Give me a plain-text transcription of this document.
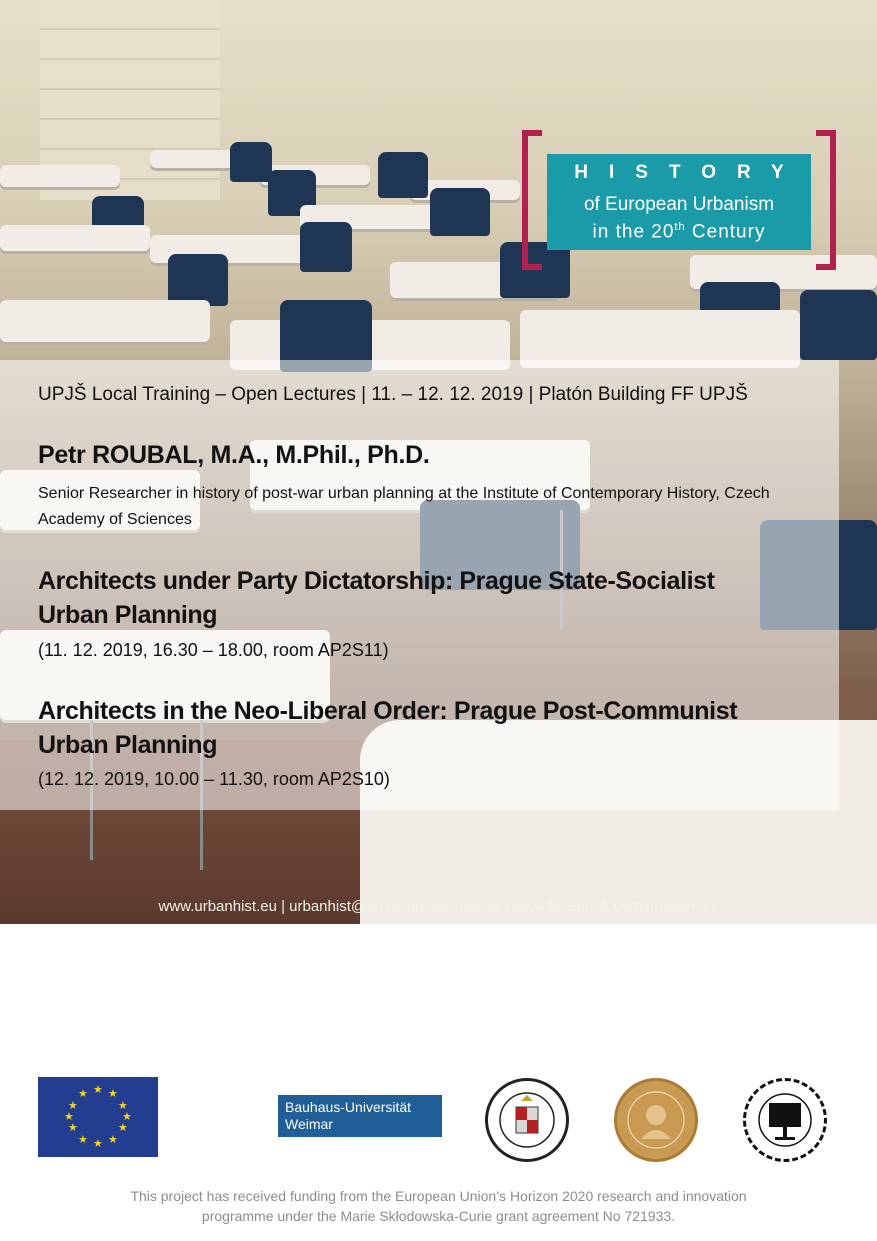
HISTORY
of European Urbanism
in the 20th Century
UPJŠ Local Training – Open Lectures | 11. – 12. 12. 2019 | Platón Building FF UPJŠ
Petr ROUBAL, M.A., M.Phil., Ph.D.
Senior Researcher in history of post-war urban planning at the Institute of Contemporary History, Czech Academy of Sciences
Architects under Party Dictatorship: Prague State-Socialist
Urban Planning
(11. 12. 2019, 16.30 – 18.00, room AP2S11)
Architects in the Neo-Liberal Order: Prague Post-Communist
Urban Planning
(12. 12. 2019, 10.00 – 11.30, room AP2S10)
www.urbanhist.eu | urbanhist@archit.uni-weimar.de | www.facebook.com/urbanHIST
★ ★
★
★
★
★
★
★
★
★
★
★
Bauhaus-Universität
Weimar
This project has received funding from the European Union’s Horizon 2020 research and innovation
programme under the Marie Skłodowska-Curie grant agreement No 721933.
